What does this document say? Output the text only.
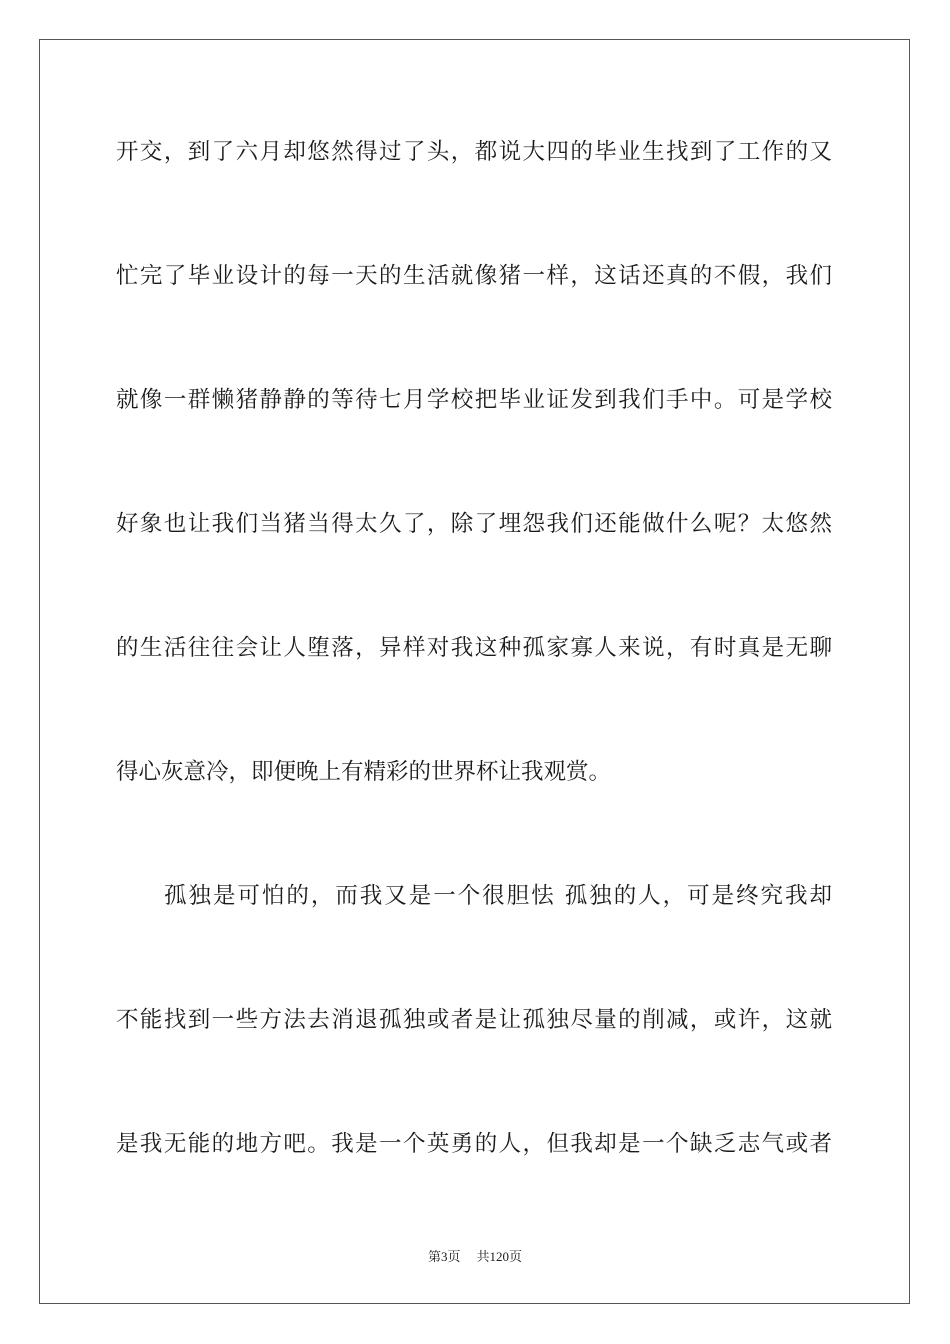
开交，到了六月却悠然得过了头，都说大四的毕业生找到了工作的又
忙完了毕业设计的每一天的生活就像猪一样，这话还真的不假，我们
就像一群懒猪静静的等待七月学校把毕业证发到我们手中。可是学校
好象也让我们当猪当得太久了，除了埋怨我们还能做什么呢？太悠然
的生活往往会让人堕落，异样对我这种孤家寡人来说，有时真是无聊
得心灰意冷，即便晚上有精彩的世界杯让我观赏。
孤独是可怕的，而我又是一个很胆怯 孤独的人，可是终究我却
不能找到一些方法去消退孤独或者是让孤独尽量的削减，或许，这就
是我无能的地方吧。我是一个英勇的人，但我却是一个缺乏志气或者
第3页 共120页
